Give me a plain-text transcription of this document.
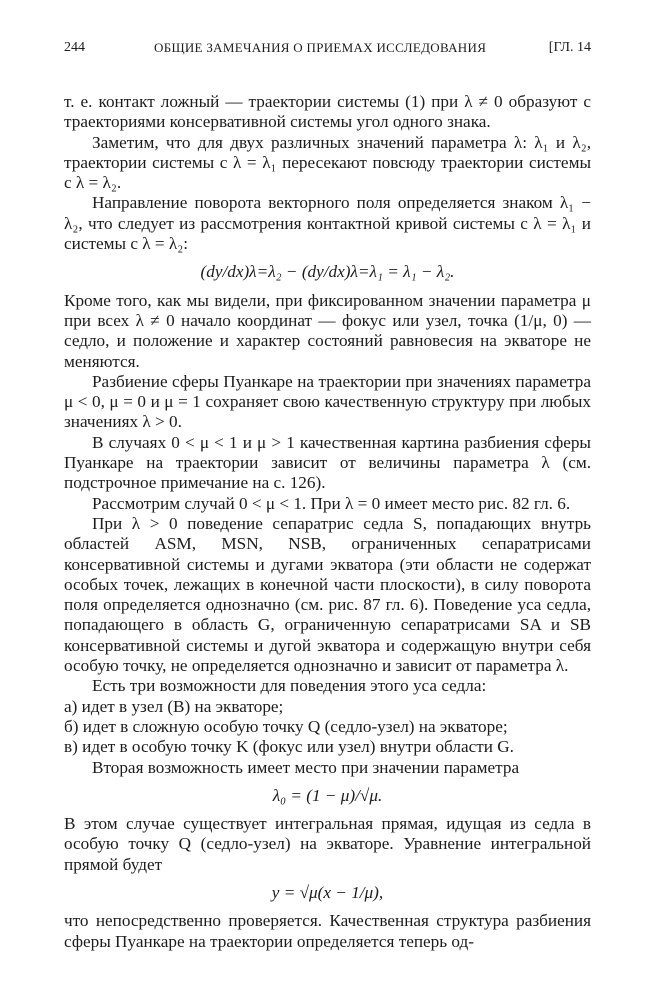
244	ОБЩИЕ ЗАМЕЧАНИЯ О ПРИЕМАХ ИССЛЕДОВАНИЯ	[ГЛ. 14

т. е. контакт ложный — траектории системы (1) при λ ≠ 0 образуют с траекториями консервативной системы угол одного знака.

Заметим, что для двух различных значений параметра λ: λ₁ и λ₂, траектории системы с λ = λ₁ пересекают повсюду траектории системы с λ = λ₂.

Направление поворота векторного поля определяется знаком λ₁ − λ₂, что следует из рассмотрения контактной кривой системы с λ = λ₁ и системы с λ = λ₂:

(dy/dx)λ=λ₂ − (dy/dx)λ=λ₁ = λ₁ − λ₂.

Кроме того, как мы видели, при фиксированном значении параметра μ при всех λ ≠ 0 начало координат — фокус или узел, точка (1/μ, 0) — седло, и положение и характер состояний равновесия на экваторе не меняются.

Разбиение сферы Пуанкаре на траектории при значениях параметра μ < 0, μ = 0 и μ = 1 сохраняет свою качественную структуру при любых значениях λ > 0.

В случаях 0 < μ < 1 и μ > 1 качественная картина разбиения сферы Пуанкаре на траектории зависит от величины параметра λ (см. подстрочное примечание на с. 126).

Рассмотрим случай 0 < μ < 1. При λ = 0 имеет место рис. 82 гл. 6.

При λ > 0 поведение сепаратрис седла S, попадающих внутрь областей ASM, MSN, NSB, ограниченных сепаратрисами консервативной системы и дугами экватора (эти области не содержат особых точек, лежащих в конечной части плоскости), в силу поворота поля определяется однозначно (см. рис. 87 гл. 6). Поведение уса седла, попадающего в область G, ограниченную сепаратрисами SA и SB консервативной системы и дугой экватора и содержащую внутри себя особую точку, не определяется однозначно и зависит от параметра λ.

Есть три возможности для поведения этого уса седла:

а) идет в узел (B) на экваторе;

б) идет в сложную особую точку Q (седло-узел) на экваторе;

в) идет в особую точку K (фокус или узел) внутри области G.

Вторая возможность имеет место при значении параметра

λ₀ = (1 − μ)/√μ.

В этом случае существует интегральная прямая, идущая из седла в особую точку Q (седло-узел) на экваторе. Уравнение интегральной прямой будет

y = √μ(x − 1/μ),

что непосредственно проверяется. Качественная структура разбиения сферы Пуанкаре на траектории определяется теперь од-
